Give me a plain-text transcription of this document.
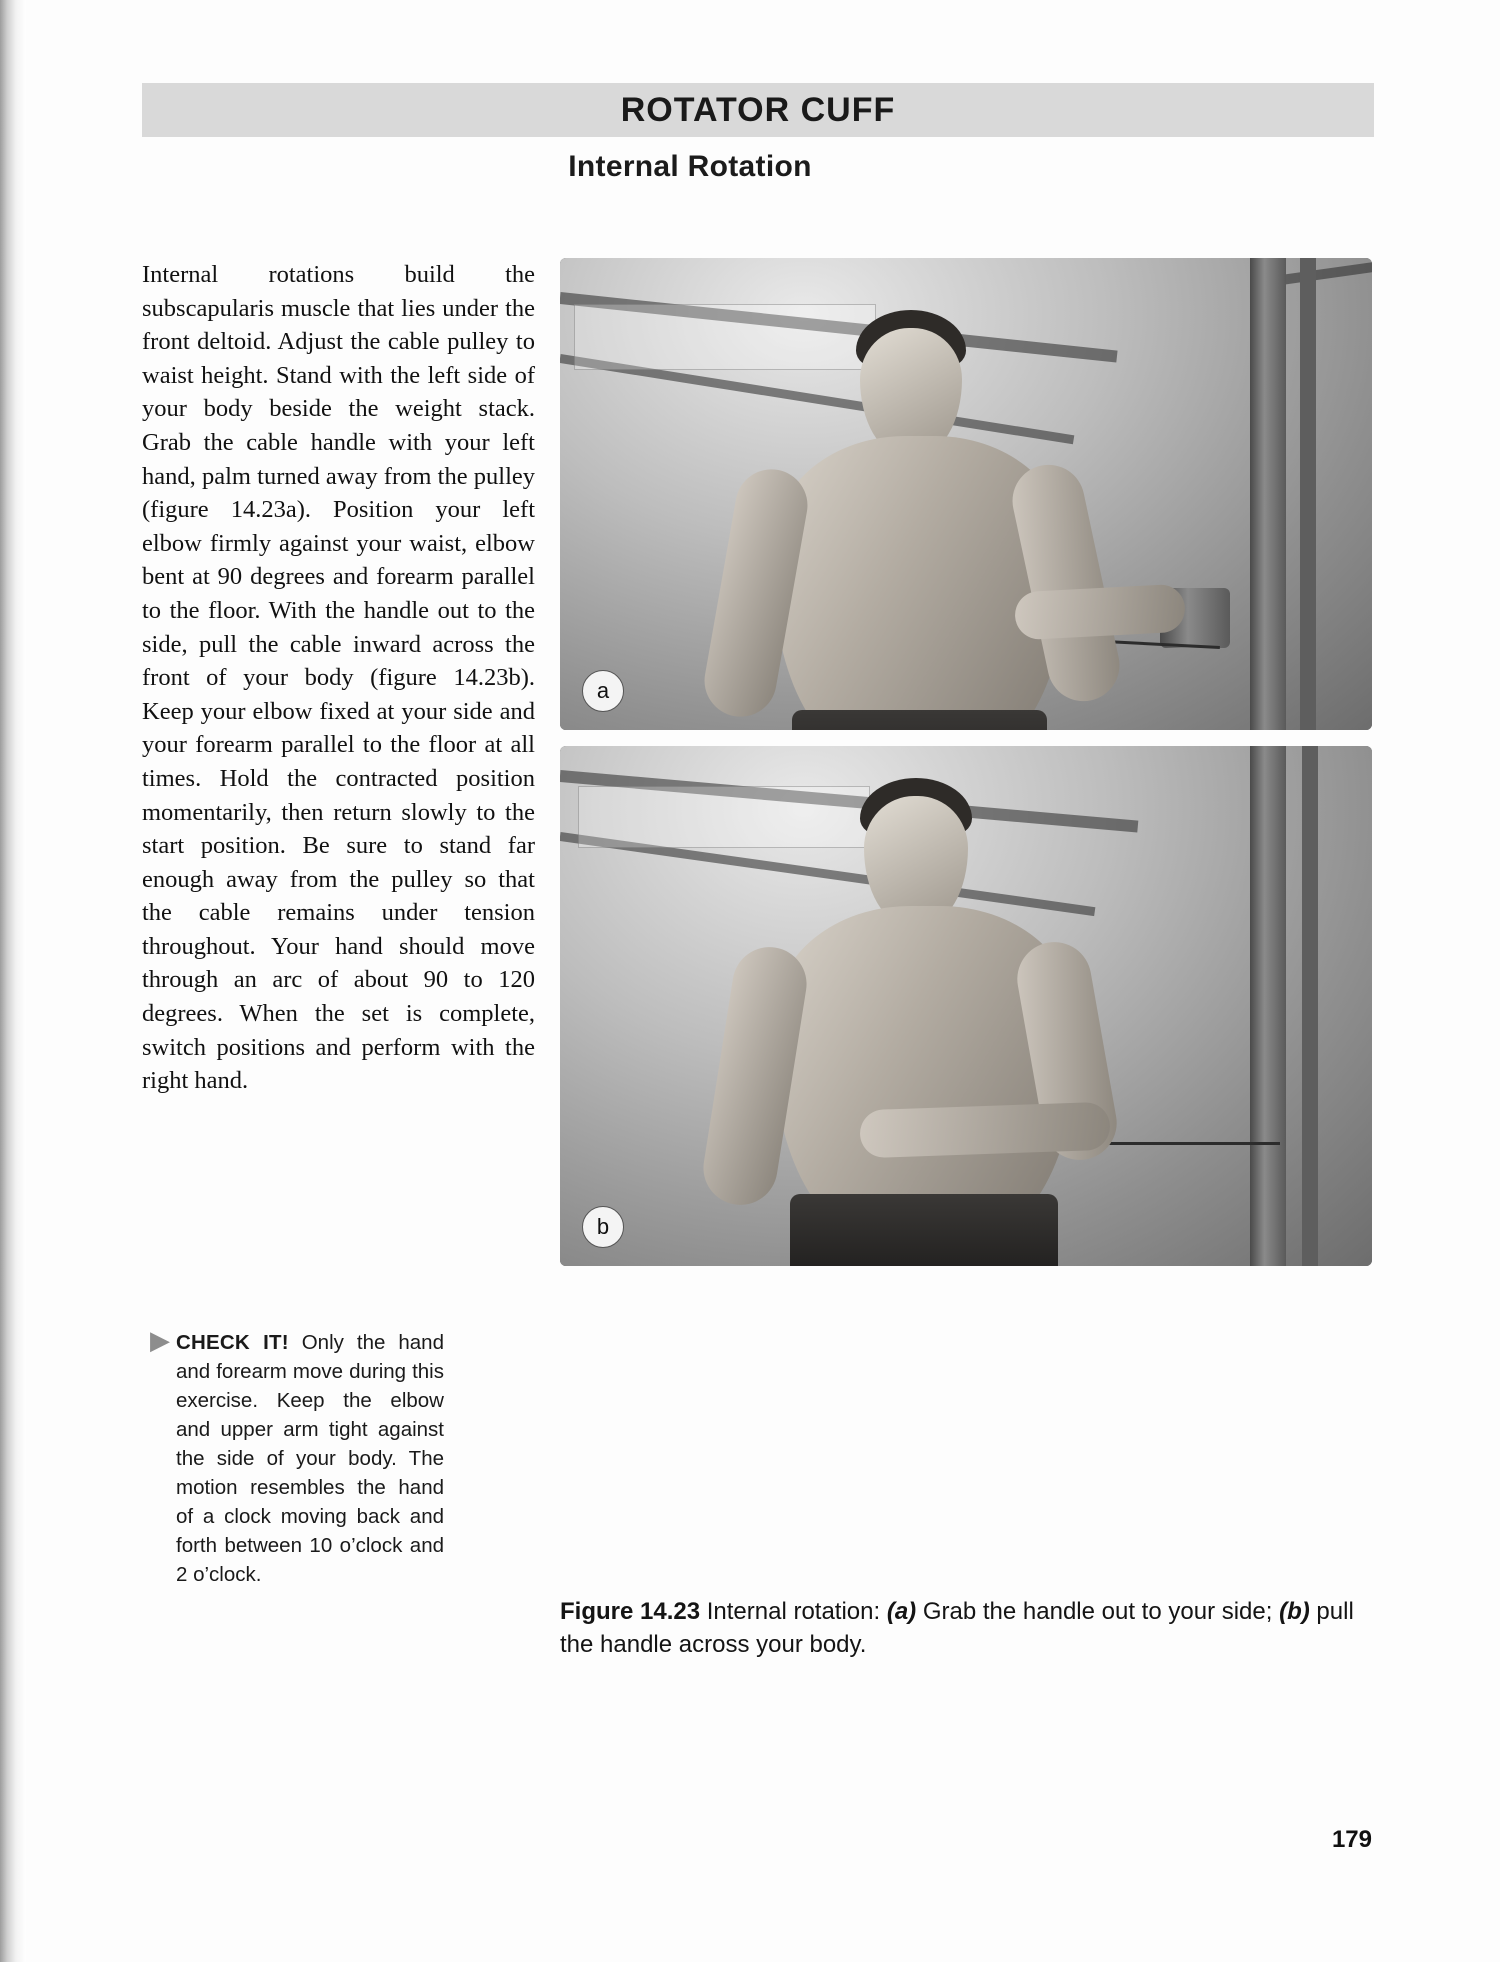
ROTATOR CUFF
Internal Rotation
Internal rotations build the subscapularis muscle that lies under the front deltoid. Adjust the cable pulley to waist height. Stand with the left side of your body beside the weight stack. Grab the cable handle with your left hand, palm turned away from the pulley (figure 14.23a). Position your left elbow firmly against your waist, elbow bent at 90 degrees and forearm parallel to the floor. With the handle out to the side, pull the cable inward across the front of your body (figure 14.23b). Keep your elbow fixed at your side and your forearm parallel to the floor at all times. Hold the contracted position momentarily, then return slowly to the start position. Be sure to stand far enough away from the pulley so that the cable remains under tension throughout. Your hand should move through an arc of about 90 to 120 degrees. When the set is complete, switch positions and perform with the right hand.
▶ CHECK IT! Only the hand and forearm move during this exercise. Keep the elbow and upper arm tight against the side of your body. The motion resembles the hand of a clock moving back and forth between 10 o’clock and 2 o’clock.
a
b
Figure 14.23 Internal rotation: (a) Grab the handle out to your side; (b) pull the handle across your body.
179
